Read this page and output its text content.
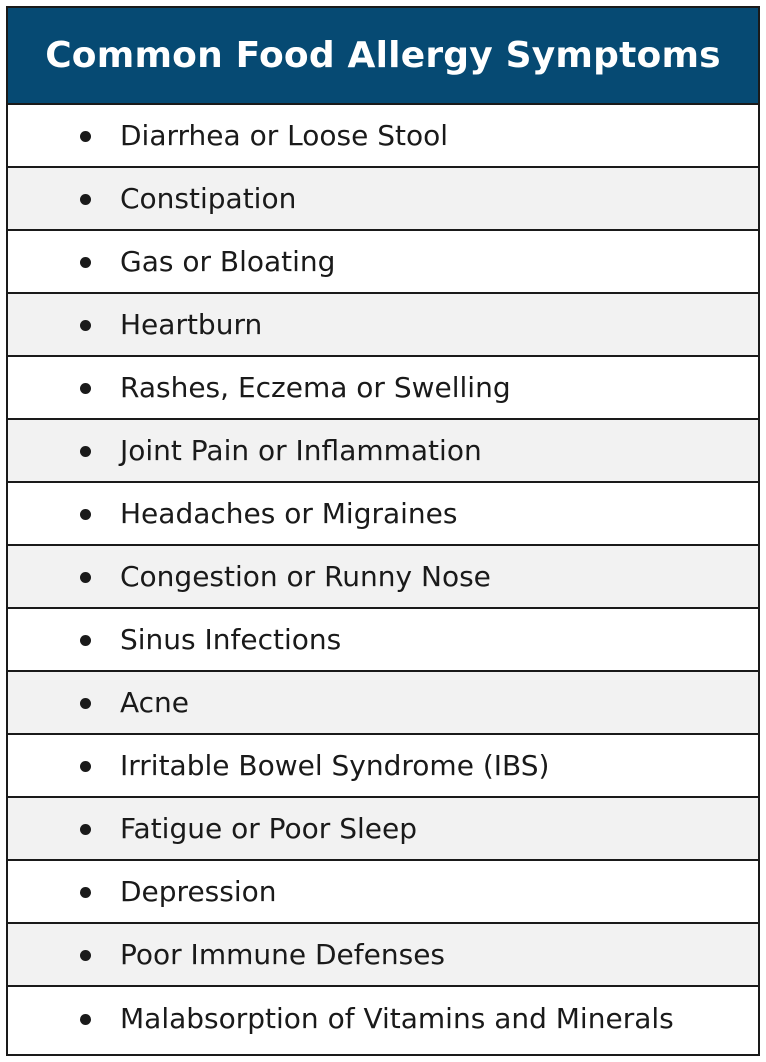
Common Food Allergy Symptoms
Diarrhea or Loose Stool
Constipation
Gas or Bloating
Heartburn
Rashes, Eczema or Swelling
Joint Pain or Inflammation
Headaches or Migraines
Congestion or Runny Nose
Sinus Infections
Acne
Irritable Bowel Syndrome (IBS)
Fatigue or Poor Sleep
Depression
Poor Immune Defenses
Malabsorption of Vitamins and Minerals
